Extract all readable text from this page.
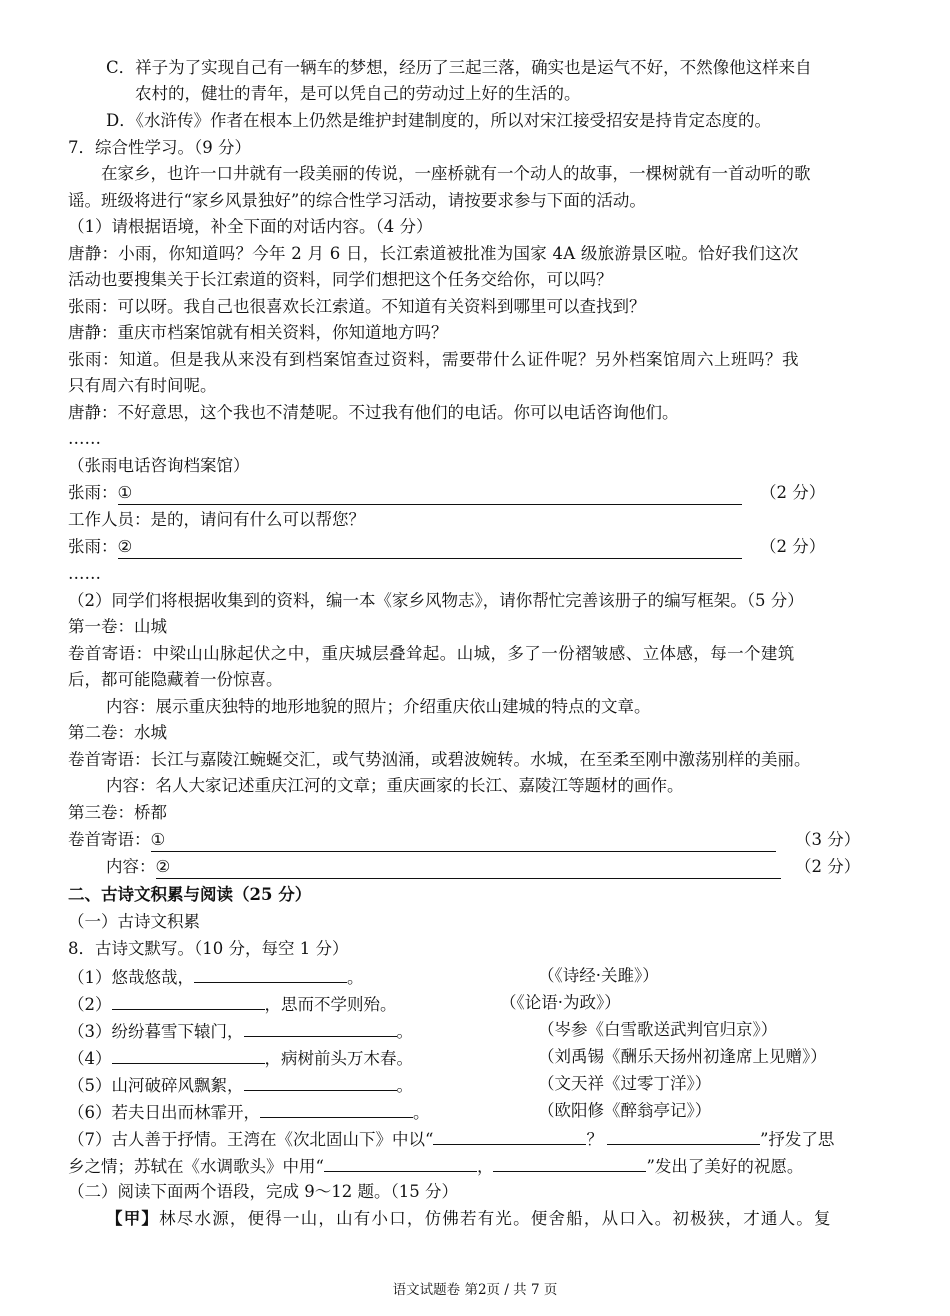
C．祥子为了实现自己有一辆车的梦想，经历了三起三落，确实也是运气不好，不然像他这样来自
农村的，健壮的青年，是可以凭自己的劳动过上好的生活的。
D．《水浒传》作者在根本上仍然是维护封建制度的，所以对宋江接受招安是持肯定态度的。
7．综合性学习。（9 分）
在家乡，也许一口井就有一段美丽的传说，一座桥就有一个动人的故事，一棵树就有一首动听的歌
谣。班级将进行“家乡风景独好”的综合性学习活动，请按要求参与下面的活动。
（1）请根据语境，补全下面的对话内容。（4 分）
唐静：小雨，你知道吗？今年 2 月 6 日，长江索道被批准为国家 4A 级旅游景区啦。恰好我们这次
活动也要搜集关于长江索道的资料，同学们想把这个任务交给你，可以吗？
张雨：可以呀。我自己也很喜欢长江索道。不知道有关资料到哪里可以查找到？
唐静：重庆市档案馆就有相关资料，你知道地方吗？
张雨：知道。但是我从来没有到档案馆查过资料，需要带什么证件呢？另外档案馆周六上班吗？我
只有周六有时间呢。
唐静：不好意思，这个我也不清楚呢。不过我有他们的电话。你可以电话咨询他们。
……
（张雨电话咨询档案馆）
张雨：①	（2 分）
工作人员：是的，请问有什么可以帮您？
张雨：②	（2 分）
……
（2）同学们将根据收集到的资料，编一本《家乡风物志》，请你帮忙完善该册子的编写框架。（5 分）
第一卷：山城
卷首寄语：中梁山山脉起伏之中，重庆城层叠耸起。山城，多了一份褶皱感、立体感，每一个建筑
后，都可能隐藏着一份惊喜。
内容：展示重庆独特的地形地貌的照片；介绍重庆依山建城的特点的文章。
第二卷：水城
卷首寄语：长江与嘉陵江蜿蜒交汇，或气势汹涌，或碧波婉转。水城，在至柔至刚中激荡别样的美丽。
内容：名人大家记述重庆江河的文章；重庆画家的长江、嘉陵江等题材的画作。
第三卷：桥都
卷首寄语：①	（3 分）
内容：②	（2 分）
二、古诗文积累与阅读（25 分）
（一）古诗文积累
8．古诗文默写。（10 分，每空 1 分）
（1）悠哉悠哉，	。	（《诗经·关雎》）
（2）	，思而不学则殆。	（《论语·为政》）
（3）纷纷暮雪下辕门，	。	（岑参《白雪歌送武判官归京》）
（4）	，病树前头万木春。	（刘禹锡《酬乐天扬州初逢席上见赠》）
（5）山河破碎风飘絮，	。	（文天祥《过零丁洋》）
（6）若夫日出而林霏开，	。	（欧阳修《醉翁亭记》）
（7）古人善于抒情。王湾在《次北固山下》中以“	？	”抒发了思
乡之情；苏轼在《水调歌头》中用“	，	”发出了美好的祝愿。
（二）阅读下面两个语段，完成 9～12 题。（15 分）
【甲】林尽水源，便得一山，山有小口，仿佛若有光。便舍船，从口入。初极狭，才通人。复
语文试题卷 第2页 / 共 7 页
